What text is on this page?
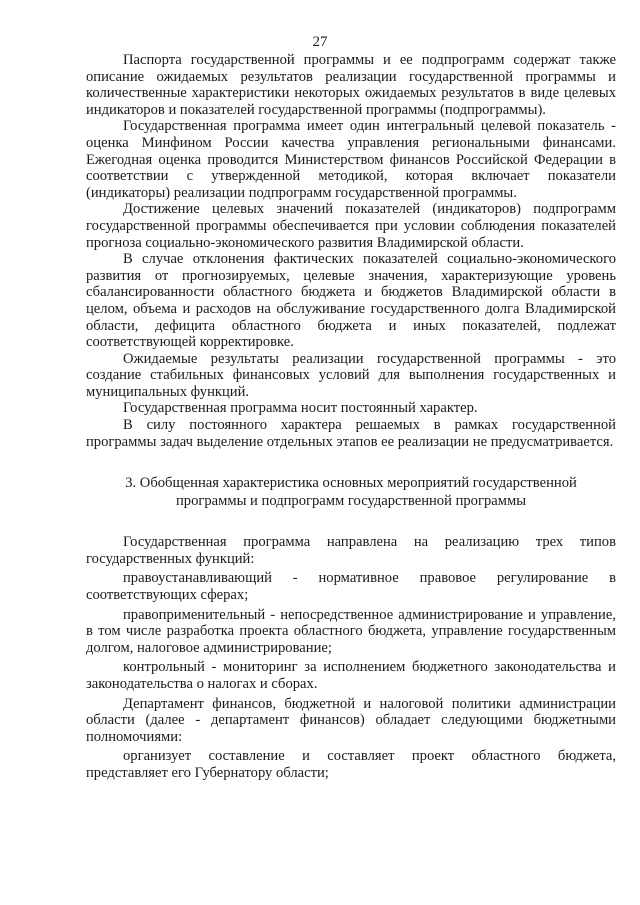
27

Паспорта государственной программы и ее подпрограмм содержат также описание ожидаемых результатов реализации государственной программы и количественные характеристики некоторых ожидаемых результатов в виде целевых индикаторов и показателей государственной программы (подпрограммы).

Государственная программа имеет один интегральный целевой показатель - оценка Минфином России качества управления региональными финансами. Ежегодная оценка проводится Министерством финансов Российской Федерации в соответствии с утвержденной методикой, которая включает показатели (индикаторы) реализации подпрограмм государственной программы.

Достижение целевых значений показателей (индикаторов) подпрограмм государственной программы обеспечивается при условии соблюдения показателей прогноза социально-экономического развития Владимирской области.

В случае отклонения фактических показателей социально-экономического развития от прогнозируемых, целевые значения, характеризующие уровень сбалансированности областного бюджета и бюджетов Владимирской области в целом, объема и расходов на обслуживание государственного долга Владимирской области, дефицита областного бюджета и иных показателей, подлежат соответствующей корректировке.

Ожидаемые результаты реализации государственной программы - это создание стабильных финансовых условий для выполнения государственных и муниципальных функций.

Государственная программа носит постоянный характер.

В силу постоянного характера решаемых в рамках государственной программы задач выделение отдельных этапов ее реализации не предусматривается.

3. Обобщенная характеристика основных мероприятий государственной программы и подпрограмм государственной программы

Государственная программа направлена на реализацию трех типов государственных функций:

правоустанавливающий - нормативное правовое регулирование в соответствующих сферах;

правоприменительный - непосредственное администрирование и управление, в том числе разработка проекта областного бюджета, управление государственным долгом, налоговое администрирование;

контрольный - мониторинг за исполнением бюджетного законодательства и законодательства о налогах и сборах.

Департамент финансов, бюджетной и налоговой политики администрации области (далее - департамент финансов) обладает следующими бюджетными полномочиями:

организует составление и составляет проект областного бюджета, представляет его Губернатору области;
